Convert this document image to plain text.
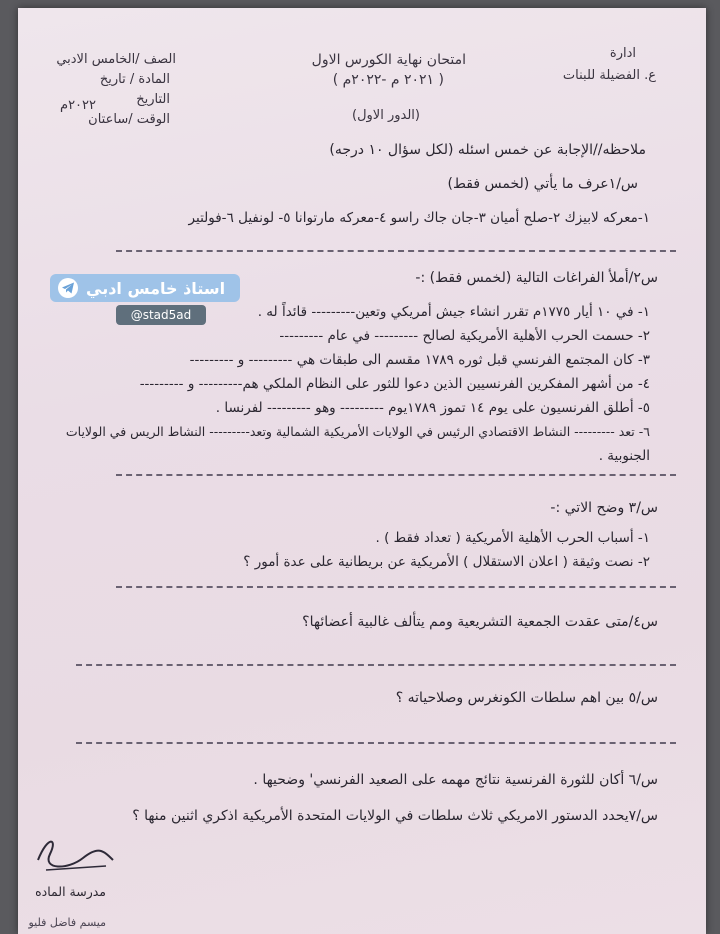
ادارة
ع. الفضيلة للبنات
امتحان نهاية الكورس الاول
( ٢٠٢١ م -٢٠٢٢م )
(الدور الاول)
الصف /الخامس الادبي
المادة / تاريخ
التاريخ
٢٠٢٢م
الوقت /ساعتان
ملاحظه//الإجابة عن خمس اسئله (لكل سؤال ١٠ درجه)
س/١عرف ما يأتي (لخمس فقط)
١-معركه لابيزك ٢-صلح أميان ٣-جان جاك راسو ٤-معركه مارتوانا ٥- لونفيل ٦-فولتير
س٢/أملأ الفراغات التالية (لخمس فقط) :-
١- في ١٠ أيار ١٧٧٥م تقرر انشاء جيش أمريكي وتعين--------- قائداً له .
٢- حسمت الحرب الأهلية الأمريكية لصالح --------- في عام ---------
٣- كان المجتمع الفرنسي قبل ثوره ١٧٨٩ مقسم الى طبقات هي --------- و ---------
٤- من أشهر المفكرين الفرنسيين الذين دعوا للثور على النظام الملكي هم--------- و ---------
٥- أطلق الفرنسيون على يوم ١٤ تموز ١٧٨٩يوم --------- وهو --------- لفرنسا .
٦- تعد --------- النشاط الاقتصادي الرئيس في الولايات الأمريكية الشمالية وتعد--------- النشاط الريس في الولايات
الجنوبية .
س/٣ وضح الاتي :-
١- أسباب الحرب الأهلية الأمريكية ( تعداد فقط ) .
٢- نصت وثيقة ( اعلان الاستقلال ) الأمريكية عن بريطانية على عدة أمور ؟
س٤/متى عقدت الجمعية التشريعية ومم يتألف غالبية أعضائها؟
س/٥ بين اهم سلطات الكونغرس وصلاحياته ؟
س/٦ أكان للثورة الفرنسية نتائج مهمه على الصعيد الفرنسي' وضحيها .
س/٧يحدد الدستور الامريكي ثلاث سلطات في الولايات المتحدة الأمريكية اذكري اثنين منها ؟
مدرسة الماده
ميسم فاضل فليو
استاذ خامس ادبي
@stad5ad
